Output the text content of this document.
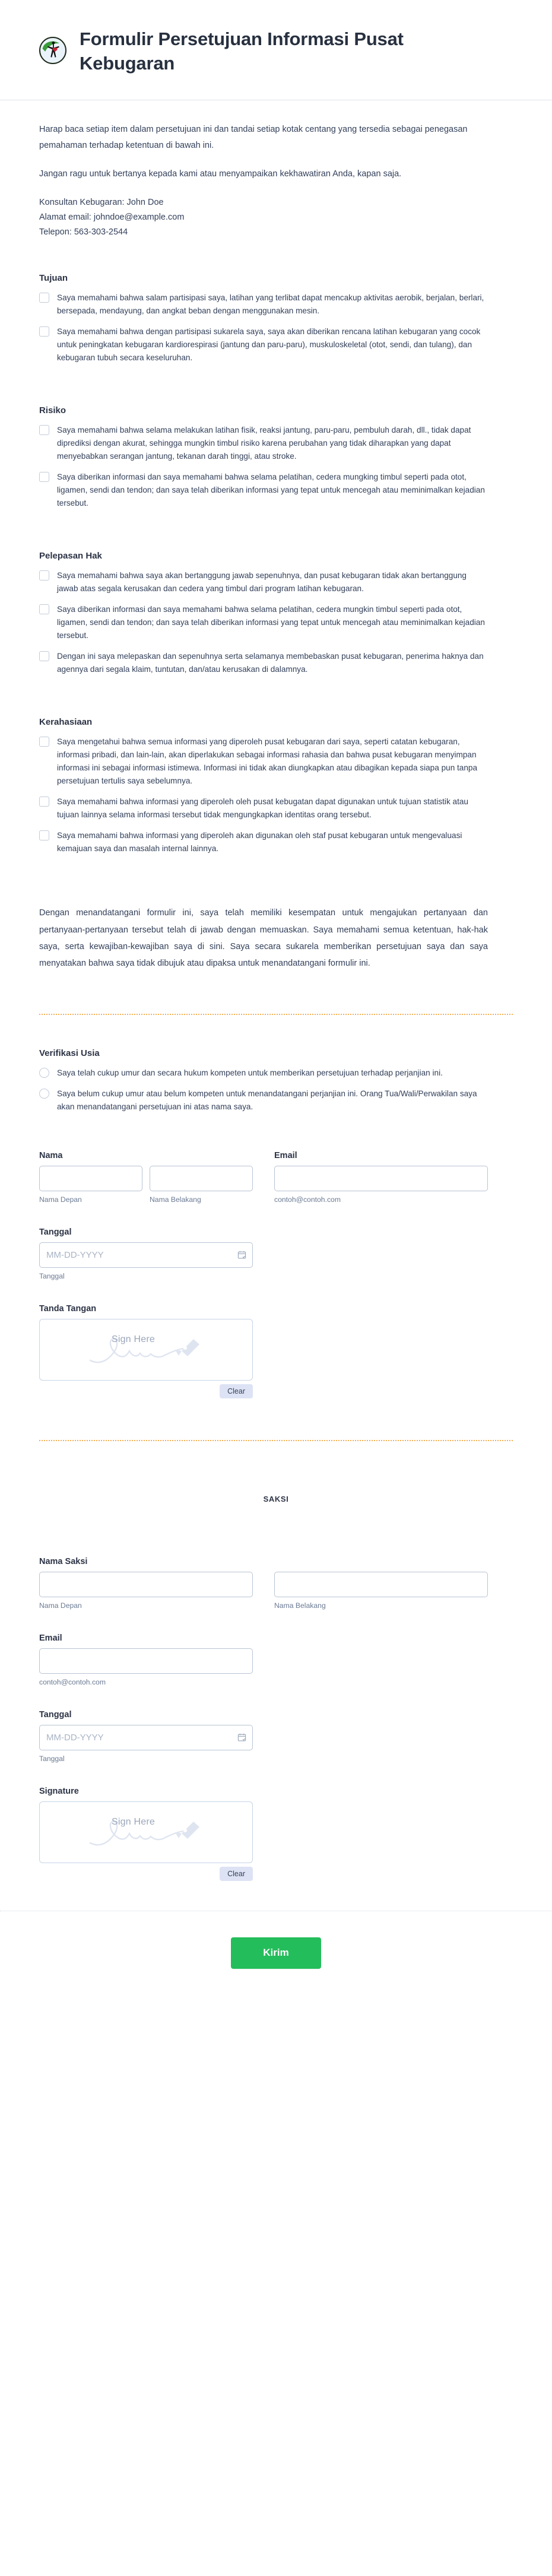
Formulir Persetujuan Informasi Pusat Kebugaran

Harap baca setiap item dalam persetujuan ini dan tandai setiap kotak centang yang tersedia sebagai penegasan pemahaman terhadap ketentuan di bawah ini.

Jangan ragu untuk bertanya kepada kami atau menyampaikan kekhawatiran Anda, kapan saja.

Konsultan Kebugaran: John Doe
Alamat email: johndoe@example.com
Telepon: 563-303-2544
Tujuan
Saya memahami bahwa salam partisipasi saya, latihan yang terlibat dapat mencakup aktivitas aerobik, berjalan, berlari, bersepada, mendayung, dan angkat beban dengan menggunakan mesin.
Saya memahami bahwa dengan partisipasi sukarela saya, saya akan diberikan rencana latihan kebugaran yang cocok untuk peningkatan kebugaran kardiorespirasi (jantung dan paru-paru), muskuloskeletal (otot, sendi, dan tulang), dan kebugaran tubuh secara keseluruhan.
Risiko
Saya memahami bahwa selama melakukan latihan fisik, reaksi jantung, paru-paru, pembuluh darah, dll., tidak dapat diprediksi dengan akurat, sehingga mungkin timbul risiko karena perubahan yang tidak diharapkan yang dapat menyebabkan serangan jantung, tekanan darah tinggi, atau stroke.
Saya diberikan informasi dan saya memahami bahwa selama pelatihan, cedera mungking timbul seperti pada otot, ligamen, sendi dan tendon; dan saya telah diberikan informasi yang tepat untuk mencegah atau meminimalkan kejadian tersebut.
Pelepasan Hak
Saya memahami bahwa saya akan bertanggung jawab sepenuhnya, dan pusat kebugaran tidak akan bertanggung jawab atas segala kerusakan dan cedera yang timbul dari program latihan kebugaran.
Saya diberikan informasi dan saya memahami bahwa selama pelatihan, cedera mungkin timbul seperti pada otot, ligamen, sendi dan tendon; dan saya telah diberikan informasi yang tepat untuk mencegah atau meminimalkan kejadian tersebut.
Dengan ini saya melepaskan dan sepenuhnya serta selamanya membebaskan pusat kebugaran, penerima haknya dan agennya dari segala klaim, tuntutan, dan/atau kerusakan di dalamnya.
Kerahasiaan
Saya mengetahui bahwa semua informasi yang diperoleh pusat kebugaran dari saya, seperti catatan kebugaran, informasi pribadi, dan lain-lain, akan diperlakukan sebagai informasi rahasia dan bahwa pusat kebugaran menyimpan informasi ini sebagai informasi istimewa. Informasi ini tidak akan diungkapkan atau dibagikan kepada siapa pun tanpa persetujuan tertulis saya sebelumnya.
Saya memahami bahwa informasi yang diperoleh oleh pusat kebugatan dapat digunakan untuk tujuan statistik atau tujuan lainnya selama informasi tersebut tidak mengungkapkan identitas orang tersebut.
Saya memahami bahwa informasi yang diperoleh akan digunakan oleh staf pusat kebugaran untuk mengevaluasi kemajuan saya dan masalah internal lainnya.

Dengan menandatangani formulir ini, saya telah memiliki kesempatan untuk mengajukan pertanyaan dan pertanyaan-pertanyaan tersebut telah di jawab dengan memuaskan. Saya memahami semua ketentuan, hak-hak saya, serta kewajiban-kewajiban saya di sini. Saya secara sukarela memberikan persetujuan saya dan saya menyatakan bahwa saya tidak dibujuk atau dipaksa untuk menandatangani formulir ini.

Verifikasi Usia
Saya telah cukup umur dan secara hukum kompeten untuk memberikan persetujuan terhadap perjanjian ini.
Saya belum cukup umur atau belum kompeten untuk menandatangani perjanjian ini. Orang Tua/Wali/Perwakilan saya akan menandatangani persetujuan ini atas nama saya.
Nama
Nama Depan	Nama Belakang
Email
contoh@contoh.com
Tanggal
MM-DD-YYYY
Tanggal
Tanda Tangan
Sign Here
Clear
SAKSI
Nama Saksi
Nama Depan	Nama Belakang
Email
contoh@contoh.com
Tanggal
MM-DD-YYYY
Tanggal
Signature
Sign Here
Clear
Kirim
